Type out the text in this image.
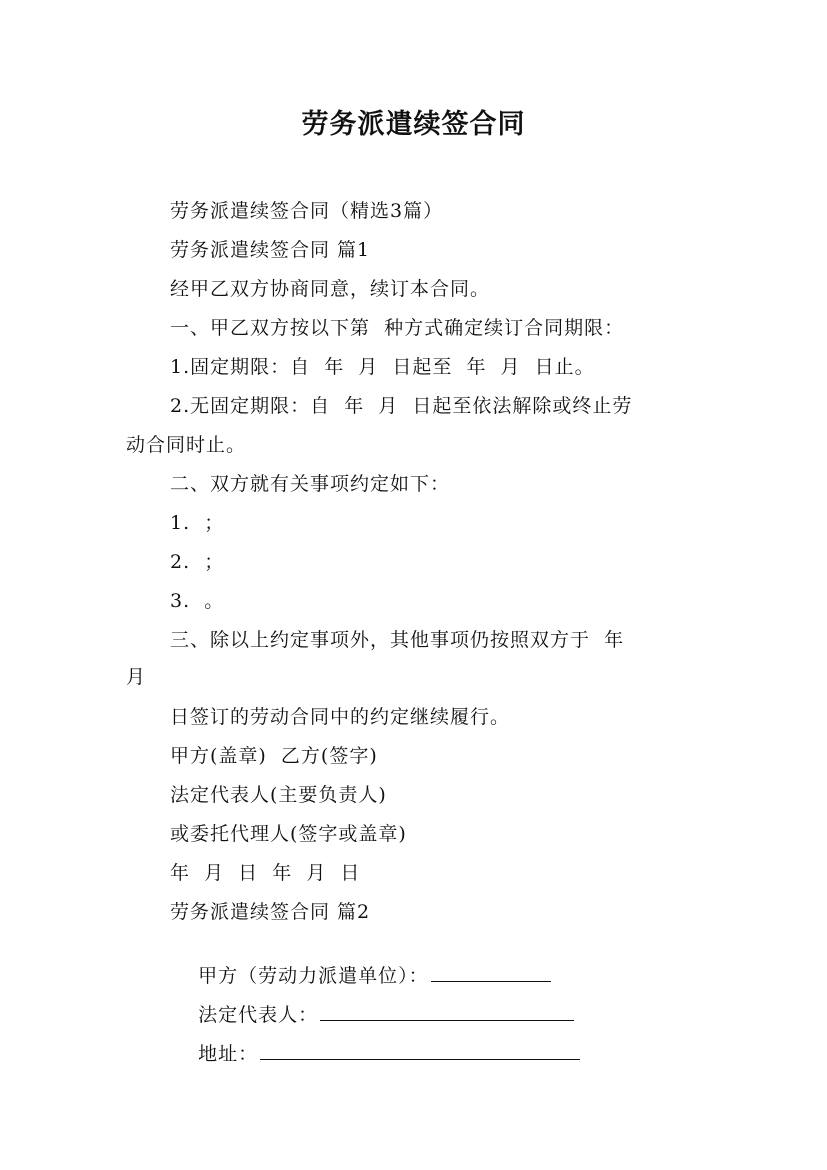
劳务派遣续签合同
劳务派遣续签合同（精选3篇）
劳务派遣续签合同 篇1
经甲乙双方协商同意，续订本合同。
一、甲乙双方按以下第  种方式确定续订合同期限：
1.固定期限：自  年  月  日起至  年  月  日止。
2.无固定期限：自  年  月  日起至依法解除或终止劳
动合同时止。
二、双方就有关事项约定如下：
1.  ；
2.  ；
3.  。
三、除以上约定事项外，其他事项仍按照双方于  年
月
日签订的劳动合同中的约定继续履行。
甲方(盖章)  乙方(签字)
法定代表人(主要负责人)
或委托代理人(签字或盖章)
年  月  日  年  月  日
劳务派遣续签合同 篇2

甲方（劳动力派遣单位）：

法定代表人：

地址：
